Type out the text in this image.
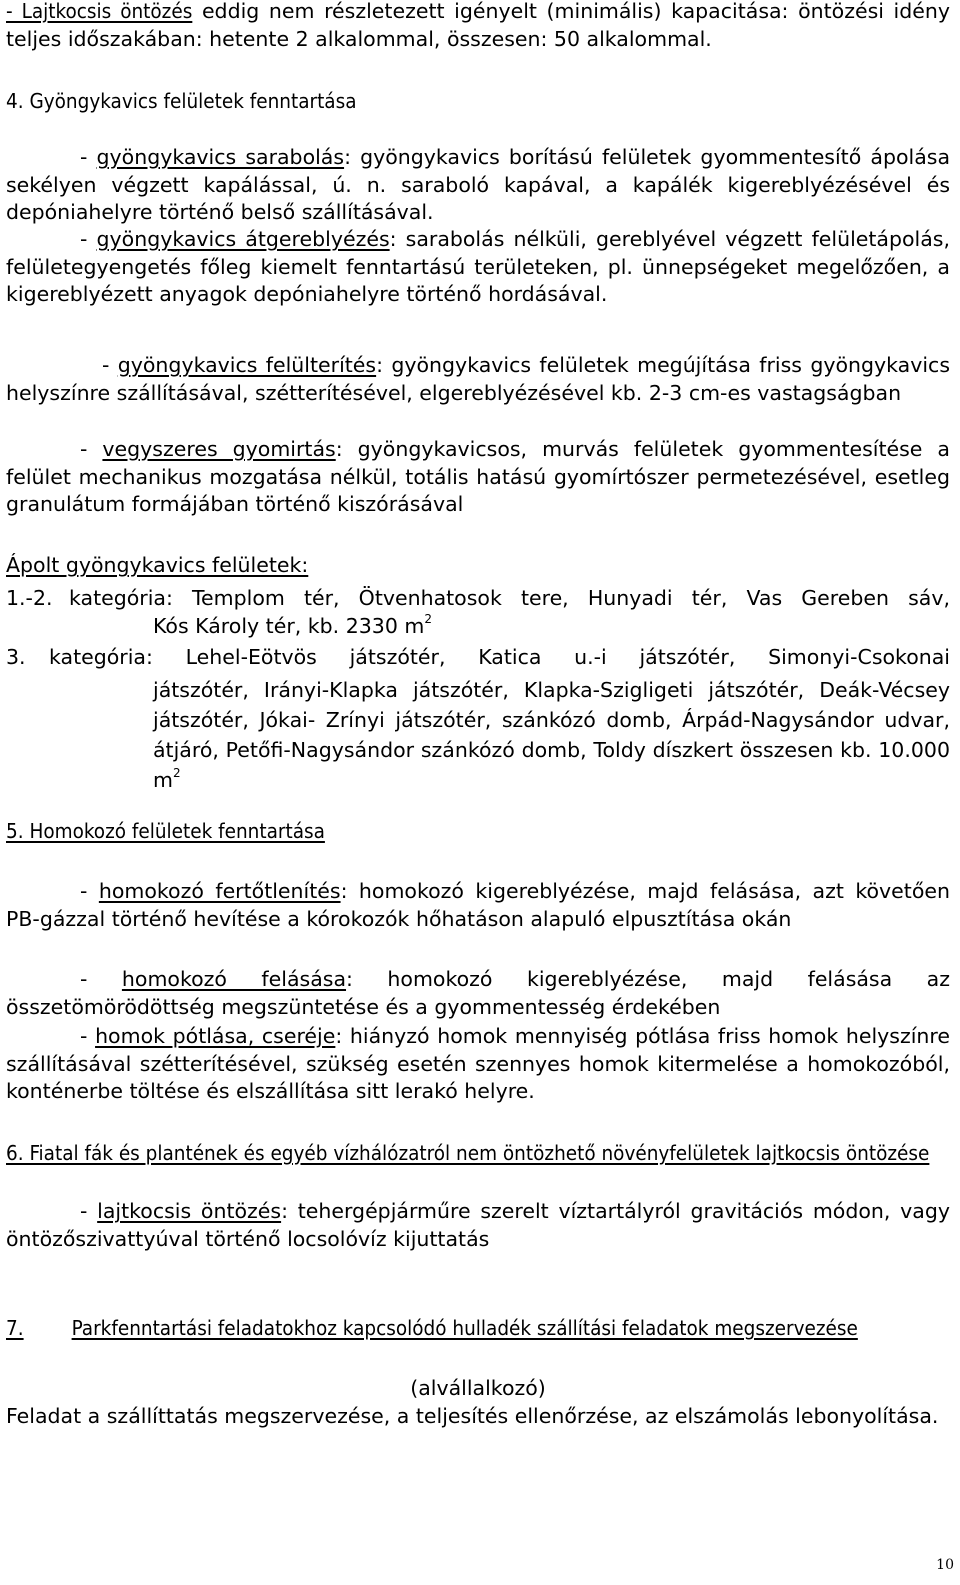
- Lajtkocsis öntözés eddig nem részletezett igényelt (minimális) kapacitása: öntözési idény teljes időszakában: hetente 2 alkalommal, összesen: 50 alkalommal.
4. Gyöngykavics felületek fenntartása
- gyöngykavics sarabolás: gyöngykavics borítású felületek gyommentesítő ápolása sekélyen végzett kapálással, ú. n. saraboló kapával, a kapálék kigereblyézésével és depóniahelyre történő belső szállításával.
- gyöngykavics átgereblyézés: sarabolás nélküli, gereblyével végzett felületápolás, felületegyengetés főleg kiemelt fenntartású területeken, pl. ünnepségeket megelőzően, a kigereblyézett anyagok depóniahelyre történő hordásával.
- gyöngykavics felülterítés: gyöngykavics felületek megújítása friss gyöngykavics helyszínre szállításával, szétterítésével, elgereblyézésével kb. 2-3 cm-es vastagságban
- vegyszeres gyomirtás: gyöngykavicsos, murvás felületek gyommentesítése a felület mechanikus mozgatása nélkül, totális hatású gyomírtószer permetezésével, esetleg granulátum formájában történő kiszórásával
Ápolt gyöngykavics felületek:
1.-2. kategória: Templom tér, Ötvenhatosok tere, Hunyadi tér, Vas Gereben sáv,
Kós Károly tér, kb. 2330 $m^2$
3. kategória: Lehel-Eötvös játszótér, Katica u.-i játszótér, Simonyi-Csokonai
játszótér, Irányi-Klapka játszótér, Klapka-Szigligeti játszótér, Deák-Vécsey játszótér, Jókai- Zrínyi játszótér, szánkózó domb, Árpád-Nagysándor udvar, átjáró, Petőfi-Nagysándor szánkózó domb, Toldy díszkert összesen kb. 10.000 $m^2$
5. Homokozó felületek fenntartása
- homokozó fertőtlenítés: homokozó kigereblyézése, majd felásása, azt követően PB-gázzal történő hevítése a kórokozók hőhatáson alapuló elpusztítása okán
- homokozó felásása: homokozó kigereblyézése, majd felásása az összetömörödöttség megszüntetése és a gyommentesség érdekében
- homok pótlása, cseréje: hiányzó homok mennyiség pótlása friss homok helyszínre szállításával szétterítésével, szükség esetén szennyes homok kitermelése a homokozóból, konténerbe töltése és elszállítása sitt lerakó helyre.
6. Fiatal fák és plantének és egyéb vízhálózatról nem öntözhető növényfelületek lajtkocsis öntözése
- lajtkocsis öntözés: tehergépjárműre szerelt víztartályról gravitációs módon, vagy öntözőszivattyúval történő locsolóvíz kijuttatás
7. Parkfenntartási feladatokhoz kapcsolódó hulladék szállítási feladatok megszervezése
(alvállalkozó)
Feladat a szállíttatás megszervezése, a teljesítés ellenőrzése, az elszámolás lebonyolítása.
10
